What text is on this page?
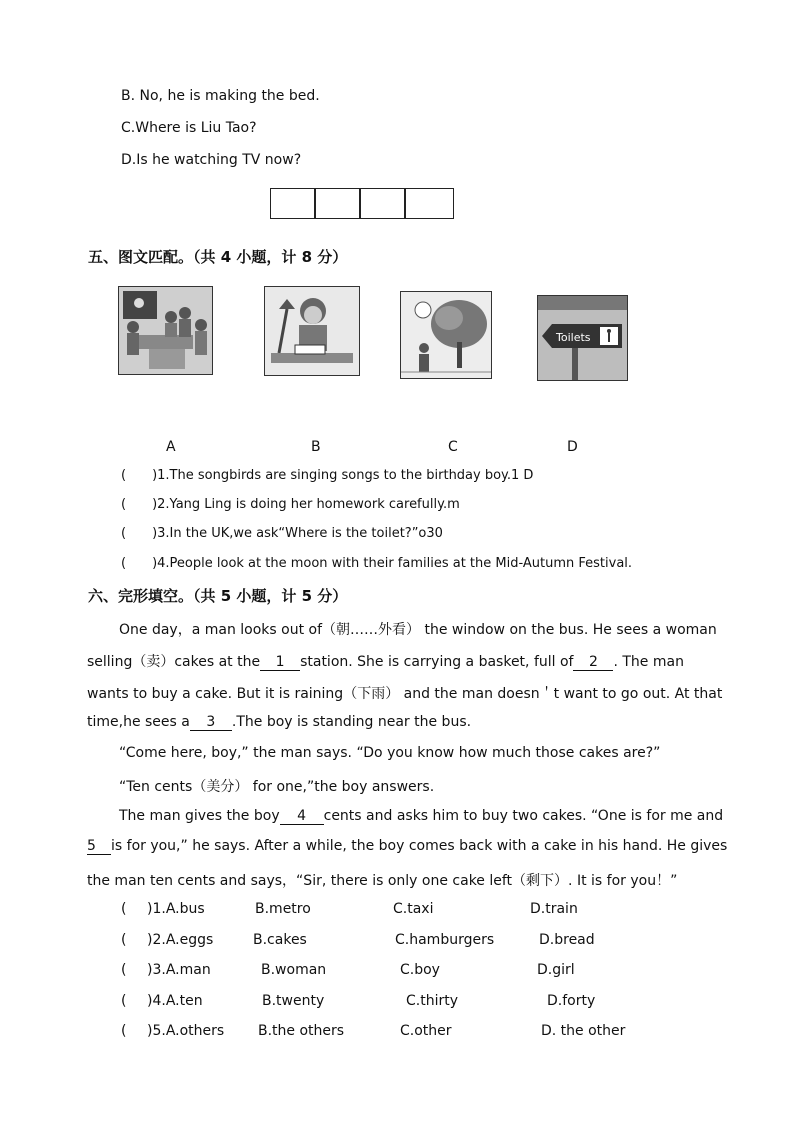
B. No, he is making the bed.
C.Where is Liu Tao?
D.Is he watching TV now?
五、图文匹配。（共 4 小题，计 8 分）
Toilets
A	B	C	D
( )1.The songbirds are singing songs to the birthday boy.1 D
( )2.Yang Ling is doing her homework carefully.m
( )3.In the UK,we ask“Where is the toilet?”o30
( )4.People look at the moon with their families at the Mid-Autumn Festival.
六、完形填空。（共 5 小题，计 5 分）
One day，a man looks out of（朝……外看） the window on the bus. He sees a woman
selling（卖）cakes at the 1 station. She is carrying a basket, full of 2 . The man
wants to buy a cake. But it is raining（下雨） and the man doesn＇t want to go out. At that
time,he sees a 3 .The boy is standing near the bus.
“Come here, boy,” the man says. “Do you know how much those cakes are?”
“Ten cents（美分） for one,”the boy answers.
The man gives the boy 4 cents and asks him to buy two cakes. “One is for me and
5 is for you,” he says. After a while, the boy comes back with a cake in his hand. He gives
the man ten cents and says，“Sir, there is only one cake left（剩下）. It is for you！”
( )1.A.bus	B.metro	C.taxi	D.train
( )2.A.eggs	B.cakes	C.hamburgers	D.bread
( )3.A.man	B.woman	C.boy	D.girl
( )4.A.ten	B.twenty	C.thirty	D.forty
( )5.A.others B.the others	C.other	D. the other
